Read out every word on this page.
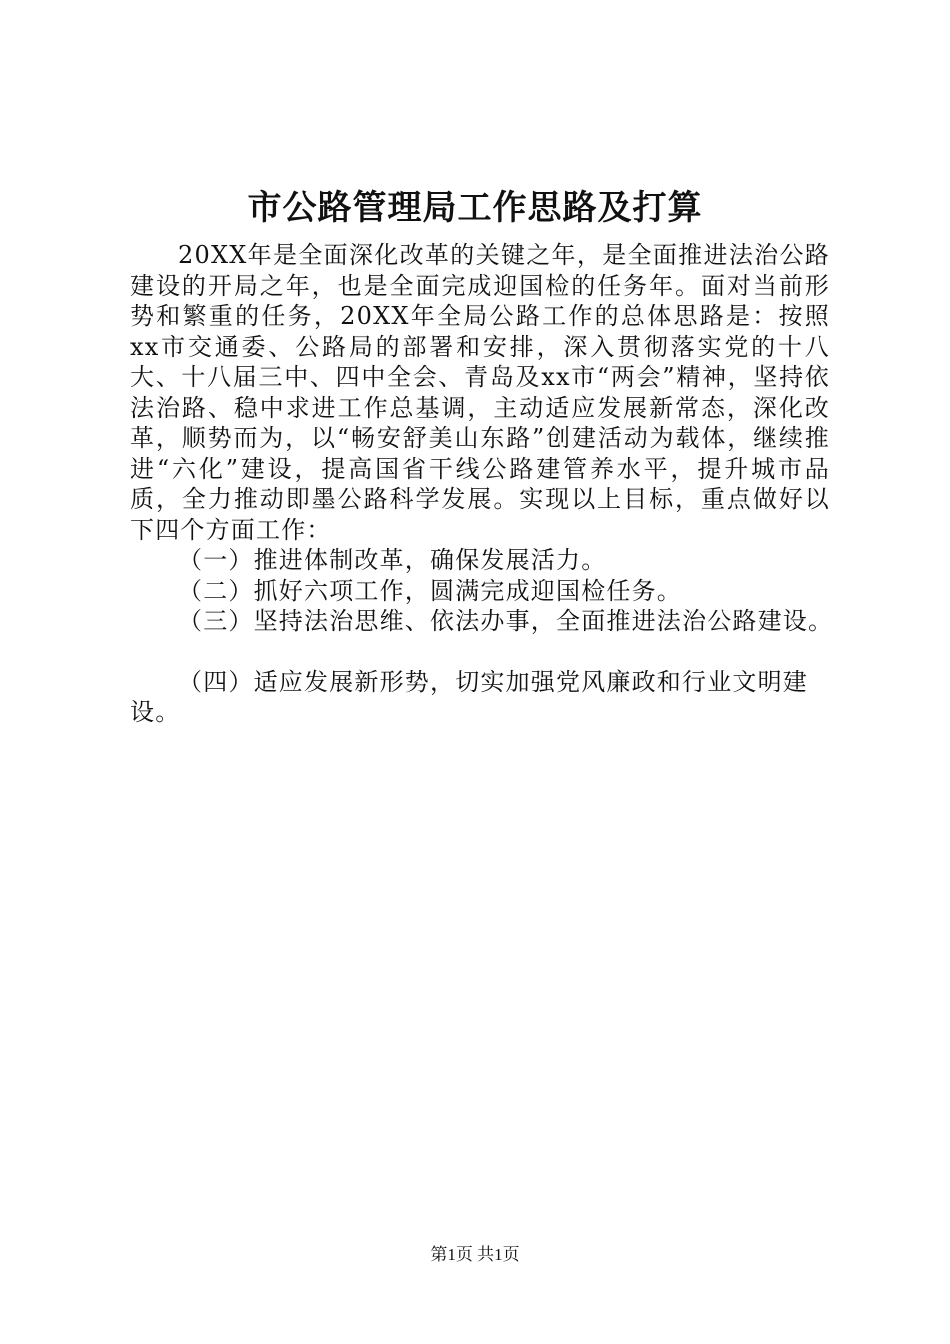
市公路管理局工作思路及打算

20XX年是全面深化改革的关键之年，是全面推进法治公路建设的开局之年，也是全面完成迎国检的任务年。面对当前形势和繁重的任务，20XX年全局公路工作的总体思路是：按照xx市交通委、公路局的部署和安排，深入贯彻落实党的十八大、十八届三中、四中全会、青岛及xx市“两会”精神，坚持依法治路、稳中求进工作总基调，主动适应发展新常态，深化改革，顺势而为，以“畅安舒美山东路”创建活动为载体，继续推进“六化”建设，提高国省干线公路建管养水平，提升城市品质，全力推动即墨公路科学发展。实现以上目标，重点做好以下四个方面工作：

（一）推进体制改革，确保发展活力。

（二）抓好六项工作，圆满完成迎国检任务。

（三）坚持法治思维、依法办事，全面推进法治公路建设。

（四）适应发展新形势，切实加强党风廉政和行业文明建设。

第1页 共1页
